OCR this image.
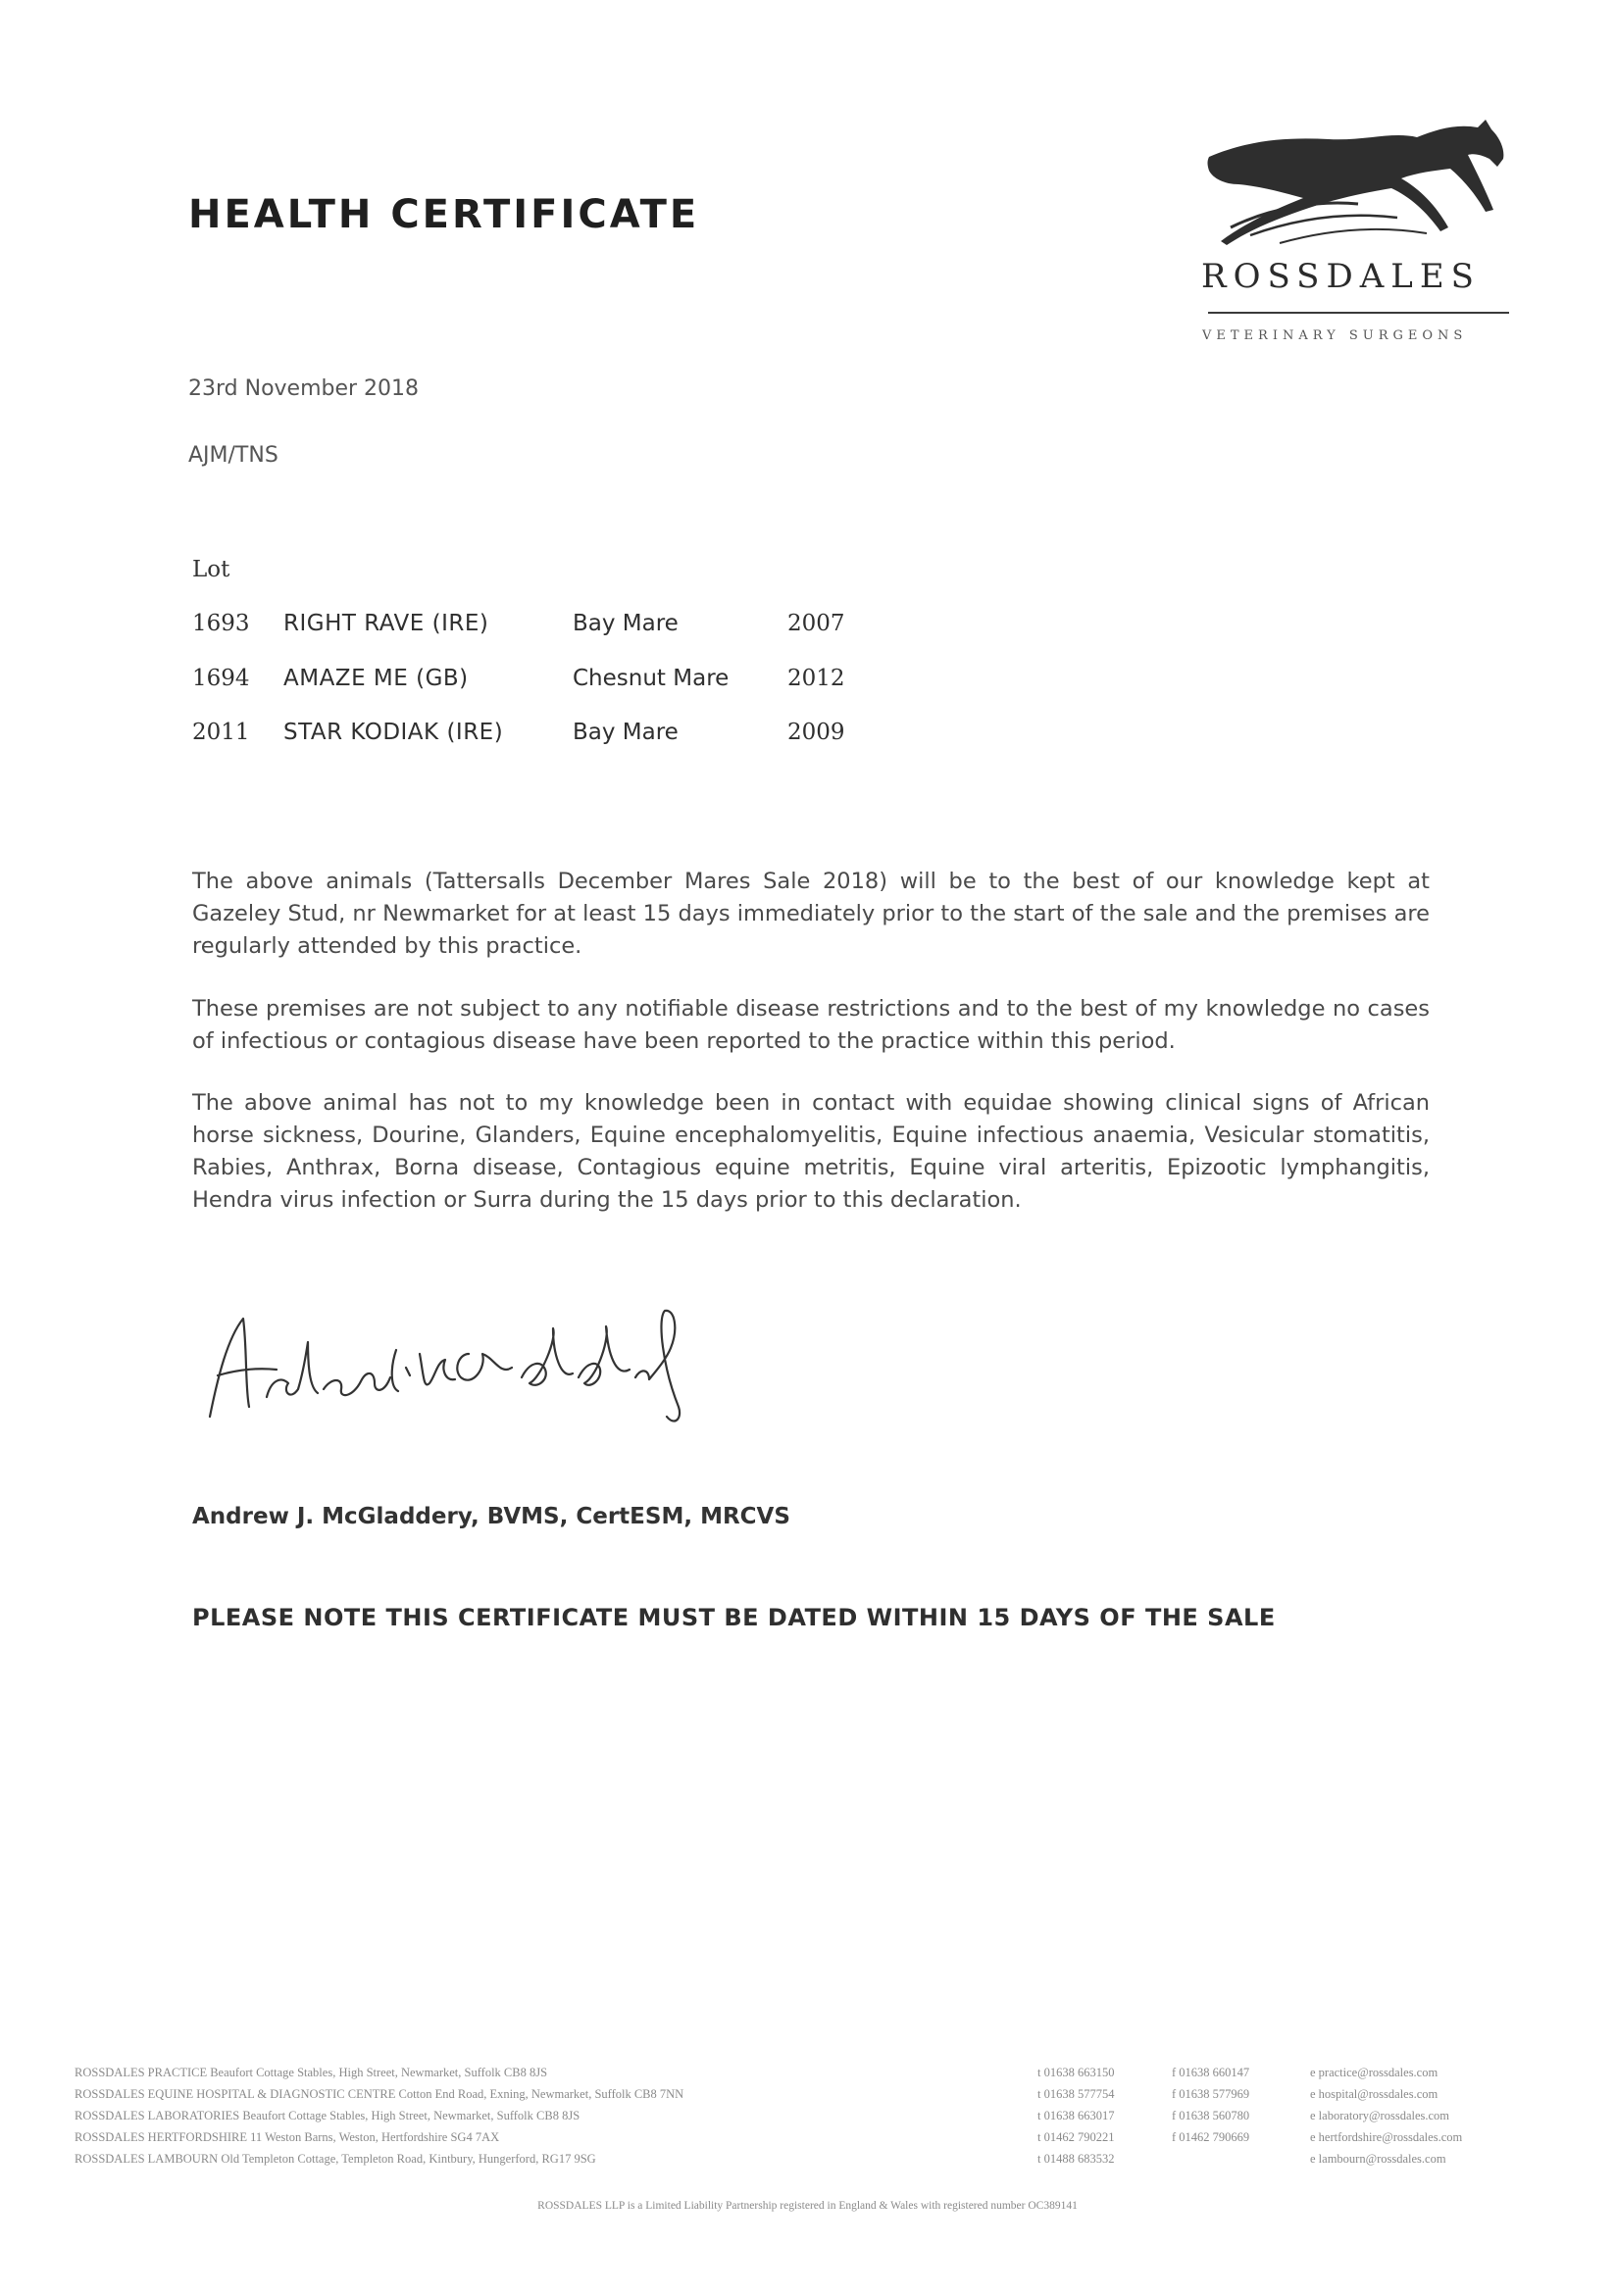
HEALTH CERTIFICATE
ROSSDALES
VETERINARY SURGEONS
23rd November 2018
AJM/TNS
Lot
1693 RIGHT RAVE (IRE)	Bay Mare	2007
1694 AMAZE ME (GB)	Chesnut Mare	2012
2011 STAR KODIAK (IRE)	Bay Mare	2009
The above animals (Tattersalls December Mares Sale 2018) will be to the best of our knowledge kept at Gazeley Stud, nr Newmarket for at least 15 days immediately prior to the start of the sale and the premises are regularly attended by this practice.
These premises are not subject to any notifiable disease restrictions and to the best of my knowledge no cases of infectious or contagious disease have been reported to the practice within this period.
The above animal has not to my knowledge been in contact with equidae showing clinical signs of African horse sickness, Dourine, Glanders, Equine encephalomyelitis, Equine infectious anaemia, Vesicular stomatitis, Rabies, Anthrax, Borna disease, Contagious equine metritis, Equine viral arteritis, Epizootic lymphangitis, Hendra virus infection or Surra during the 15 days prior to this declaration.
Andrew J. McGladdery, BVMS, CertESM, MRCVS
PLEASE NOTE THIS CERTIFICATE MUST BE DATED WITHIN 15 DAYS OF THE SALE
ROSSDALES PRACTICE Beaufort Cottage Stables, High Street, Newmarket, Suffolk CB8 8JS	t 01638 663150	f 01638 660147	e practice@rossdales.com
ROSSDALES EQUINE HOSPITAL & DIAGNOSTIC CENTRE Cotton End Road, Exning, Newmarket, Suffolk CB8 7NN	t 01638 577754	f 01638 577969	e hospital@rossdales.com
ROSSDALES LABORATORIES Beaufort Cottage Stables, High Street, Newmarket, Suffolk CB8 8JS	t 01638 663017	f 01638 560780	e laboratory@rossdales.com
ROSSDALES HERTFORDSHIRE 11 Weston Barns, Weston, Hertfordshire SG4 7AX	t 01462 790221	f 01462 790669	e hertfordshire@rossdales.com
ROSSDALES LAMBOURN Old Templeton Cottage, Templeton Road, Kintbury, Hungerford, RG17 9SG	t 01488 683532	e lambourn@rossdales.com
ROSSDALES LLP is a Limited Liability Partnership registered in England & Wales with registered number OC389141
